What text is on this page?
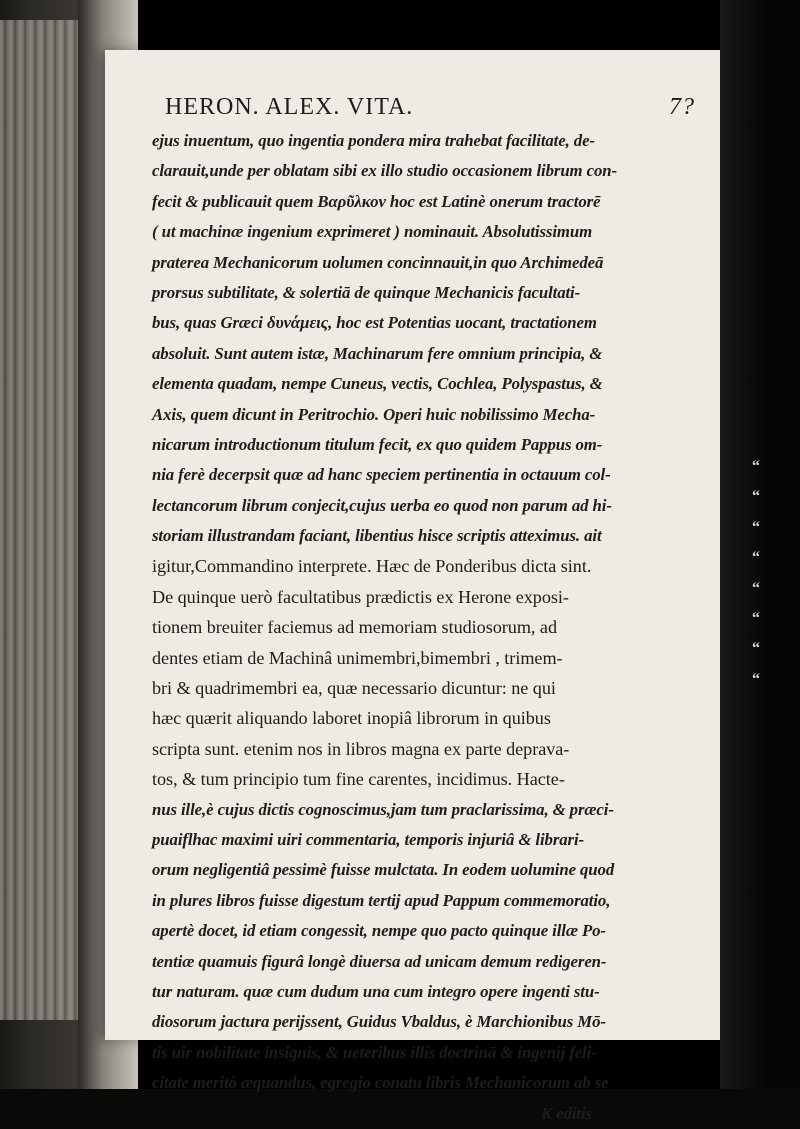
HERON. ALEX. VITA.	7?
ejus inuentum, quo ingentia pondera mira trahebat facilitate, de-
clarauit,unde per oblatam sibi ex illo studio occasionem librum con-
fecit & publicauit quem Βαρῦλκον hoc est Latinè onerum tractorē
( ut machinæ ingenium exprimeret ) nominauit. Absolutissimum
praterea Mechanicorum uolumen concinnauit,in quo Archimedeā
prorsus subtilitate, & solertiā de quinque Mechanicis facultati-
bus, quas Græci δυνάμεις, hoc est Potentias uocant, tractationem
absoluit. Sunt autem istæ, Machinarum fere omnium principia, &
elementa quadam, nempe Cuneus, vectis, Cochlea, Polyspastus, &
Axis, quem dicunt in Peritrochio. Operi huic nobilissimo Mecha-
nicarum introductionum titulum fecit, ex quo quidem Pappus om-
nia ferè decerpsit quæ ad hanc speciem pertinentia in octauum col-
lectancorum librum conjecit,cujus uerba eo quod non parum ad hi-
storiam illustrandam faciant, libentius hisce scriptis atteximus. ait
igitur,Commandino interprete. Hæc de Ponderibus dicta sint.
De quinque uerò facultatibus prædictis ex Herone exposi-
tionem breuiter faciemus ad memoriam studiosorum, ad
dentes etiam de Machinâ unimembri,bimembri , trimem-
bri & quadrimembri ea, quæ necessario dicuntur: ne qui
hæc quærit aliquando laboret inopiâ librorum in quibus
scripta sunt. etenim nos in libros magna ex parte deprava-
tos, & tum principio tum fine carentes, incidimus. Hacte-
nus ille,è cujus dictis cognoscimus,jam tum praclarissima, & præci-
puaiflhac maximi uiri commentaria, temporis injuriâ & librari-
orum negligentiâ pessimè fuisse mulctata. In eodem uolumine quod
in plures libros fuisse digestum tertij apud Pappum commemoratio,
apertè docet, id etiam congessit, nempe quo pacto quinque illæ Po-
tentiæ quamuis figurâ longè diuersa ad unicam demum redigeren-
tur naturam. quæ cum dudum una cum integro opere ingenti stu-
diosorum jactura perijssent, Guidus Vbaldus, è Marchionibus Mō-
tis uir nobilitate insignis, & ueteribus illis doctrinā & ingenij feli-
citate meritò æquandus, egregio conatu libris Mechanicorum ab se
K editis
“
“
“
“
“
“
“
“
